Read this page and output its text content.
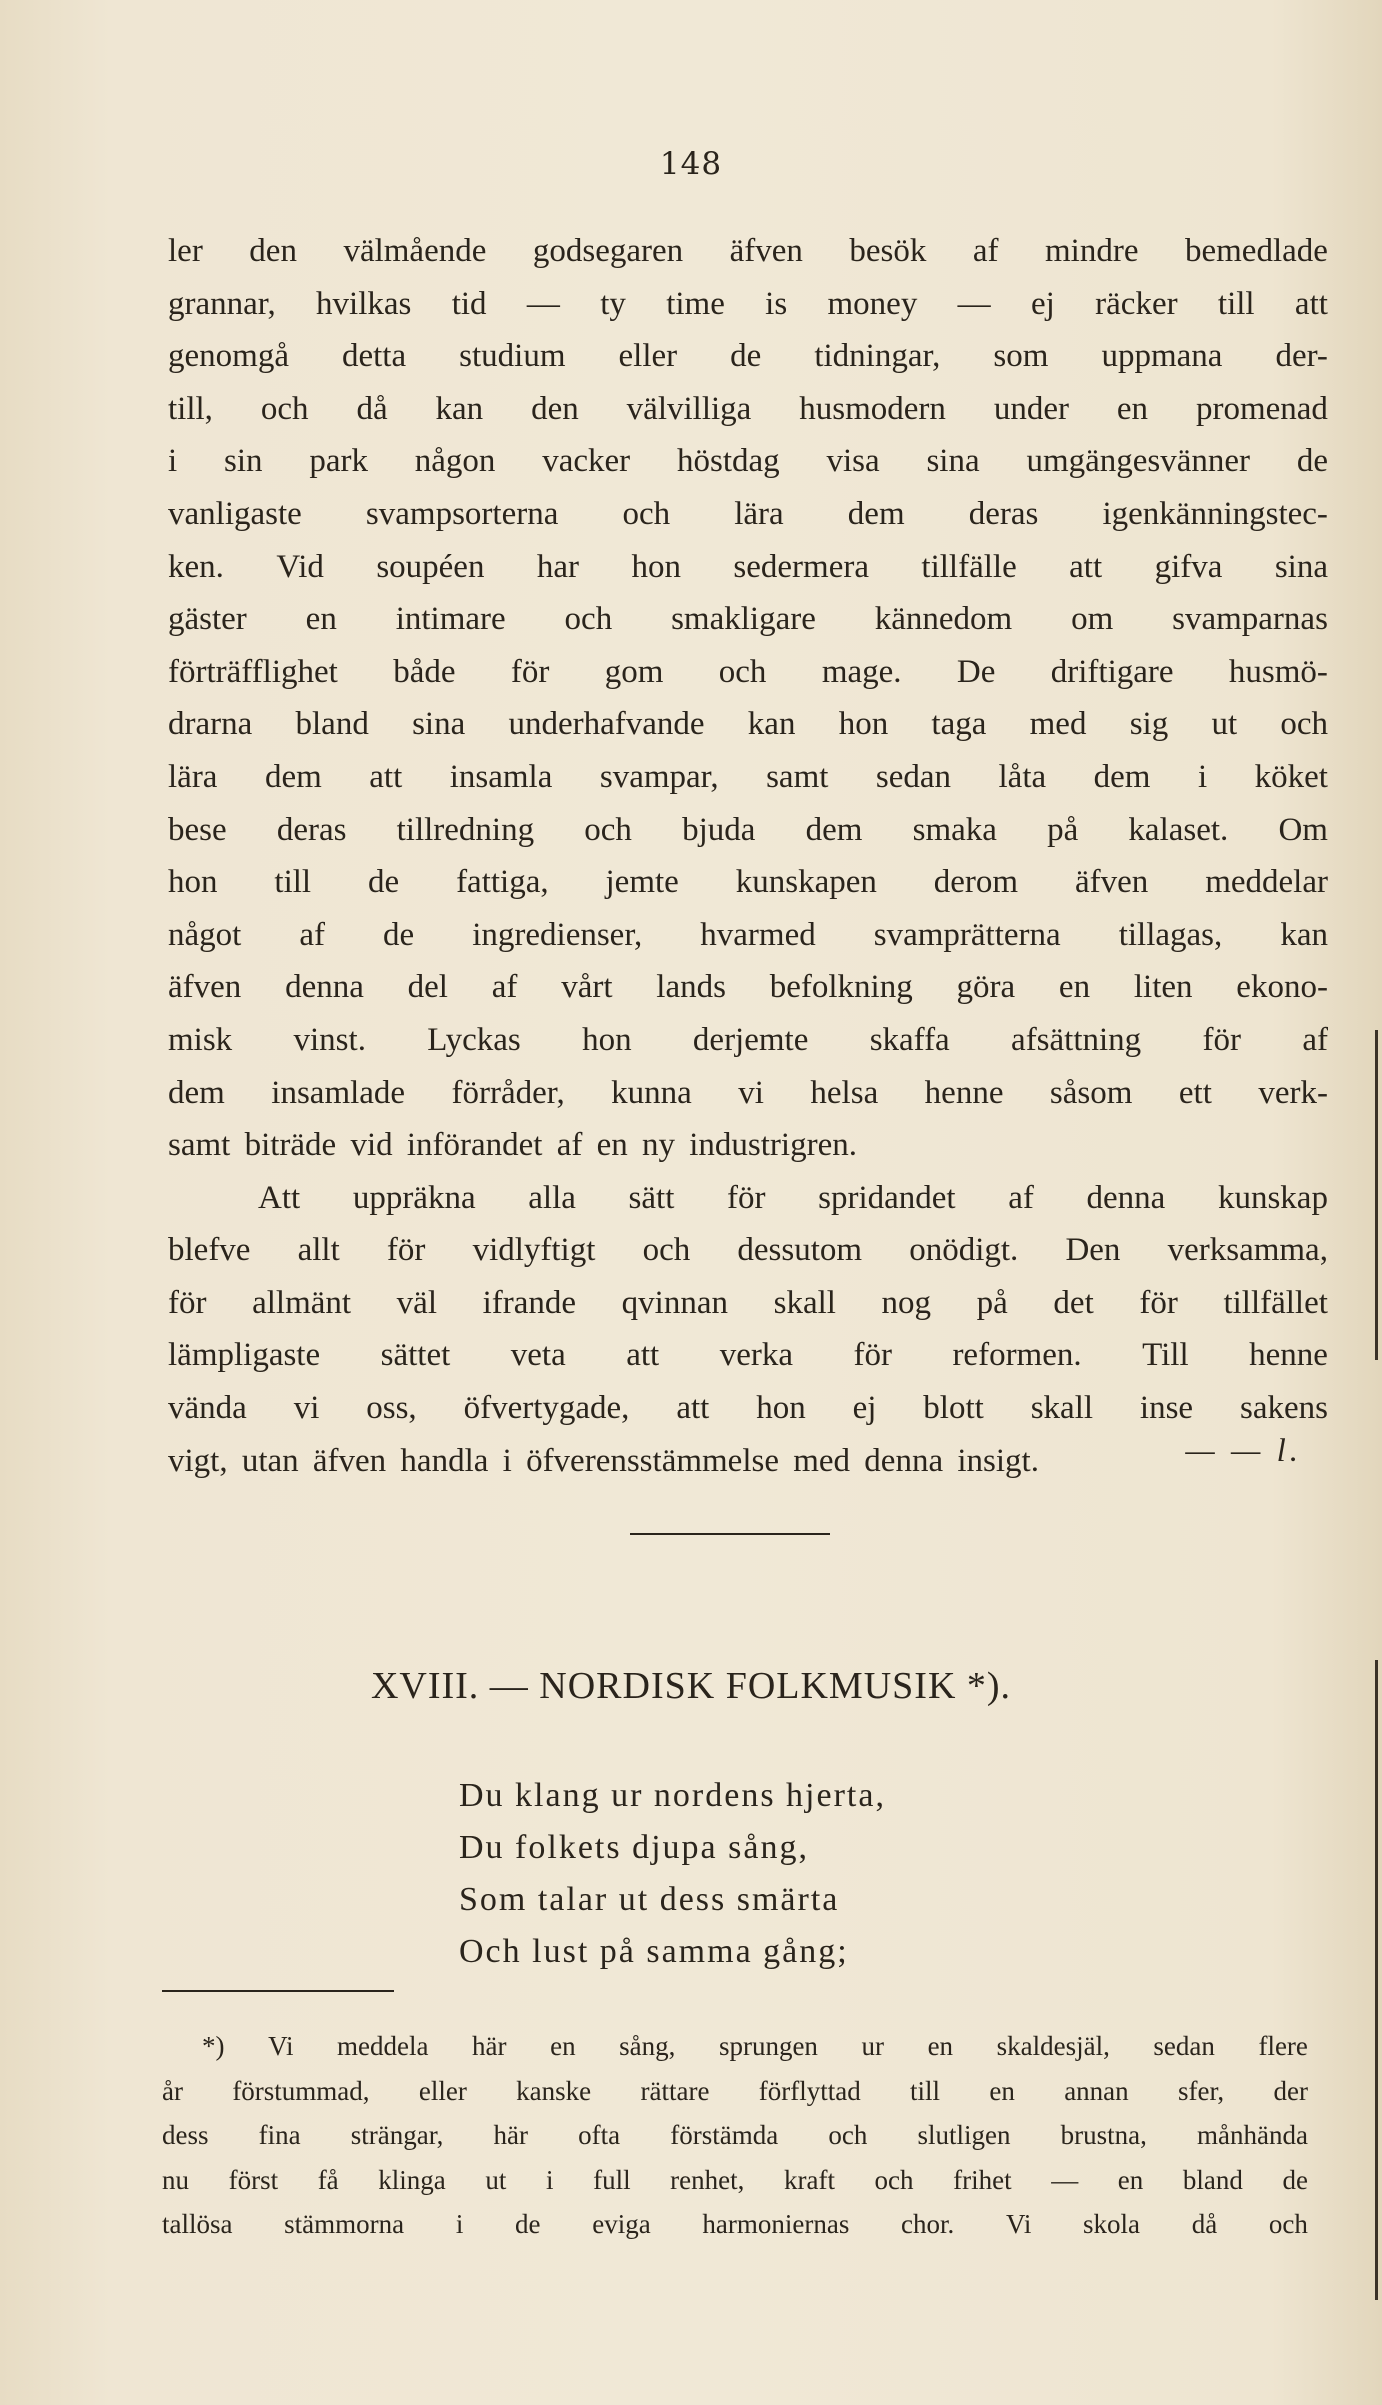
148
ler den välmående godsegaren äfven besök af mindre bemedlade
grannar, hvilkas tid — ty time is money — ej räcker till att
genomgå detta studium eller de tidningar, som uppmana der-
till, och då kan den välvilliga husmodern under en promenad
i sin park någon vacker höstdag visa sina umgängesvänner de
vanligaste svampsorterna och lära dem deras igenkänningstec-
ken. Vid soupéen har hon sedermera tillfälle att gifva sina
gäster en intimare och smakligare kännedom om svamparnas
förträfflighet både för gom och mage. De driftigare husmö-
drarna bland sina underhafvande kan hon taga med sig ut och
lära dem att insamla svampar, samt sedan låta dem i köket
bese deras tillredning och bjuda dem smaka på kalaset. Om
hon till de fattiga, jemte kunskapen derom äfven meddelar
något af de ingredienser, hvarmed svamprätterna tillagas, kan
äfven denna del af vårt lands befolkning göra en liten ekono-
misk vinst. Lyckas hon derjemte skaffa afsättning för af
dem insamlade förråder, kunna vi helsa henne såsom ett verk-
samt biträde vid införandet af en ny industrigren.
Att uppräkna alla sätt för spridandet af denna kunskap
blefve allt för vidlyftigt och dessutom onödigt. Den verksamma,
för allmänt väl ifrande qvinnan skall nog på det för tillfället
lämpligaste sättet veta att verka för reformen. Till henne
vända vi oss, öfvertygade, att hon ej blott skall inse sakens
vigt, utan äfven handla i öfverensstämmelse med denna insigt.	— — l.
XVIII. — NORDISK FOLKMUSIK *).
Du klang ur nordens hjerta,
Du folkets djupa sång,
Som talar ut dess smärta
Och lust på samma gång;
*) Vi meddela här en sång, sprungen ur en skaldesjäl, sedan flere
år förstummad, eller kanske rättare förflyttad till en annan sfer, der
dess fina strängar, här ofta förstämda och slutligen brustna, månhända
nu först få klinga ut i full renhet, kraft och frihet — en bland de
tallösa stämmorna i de eviga harmoniernas chor. Vi skola då och
